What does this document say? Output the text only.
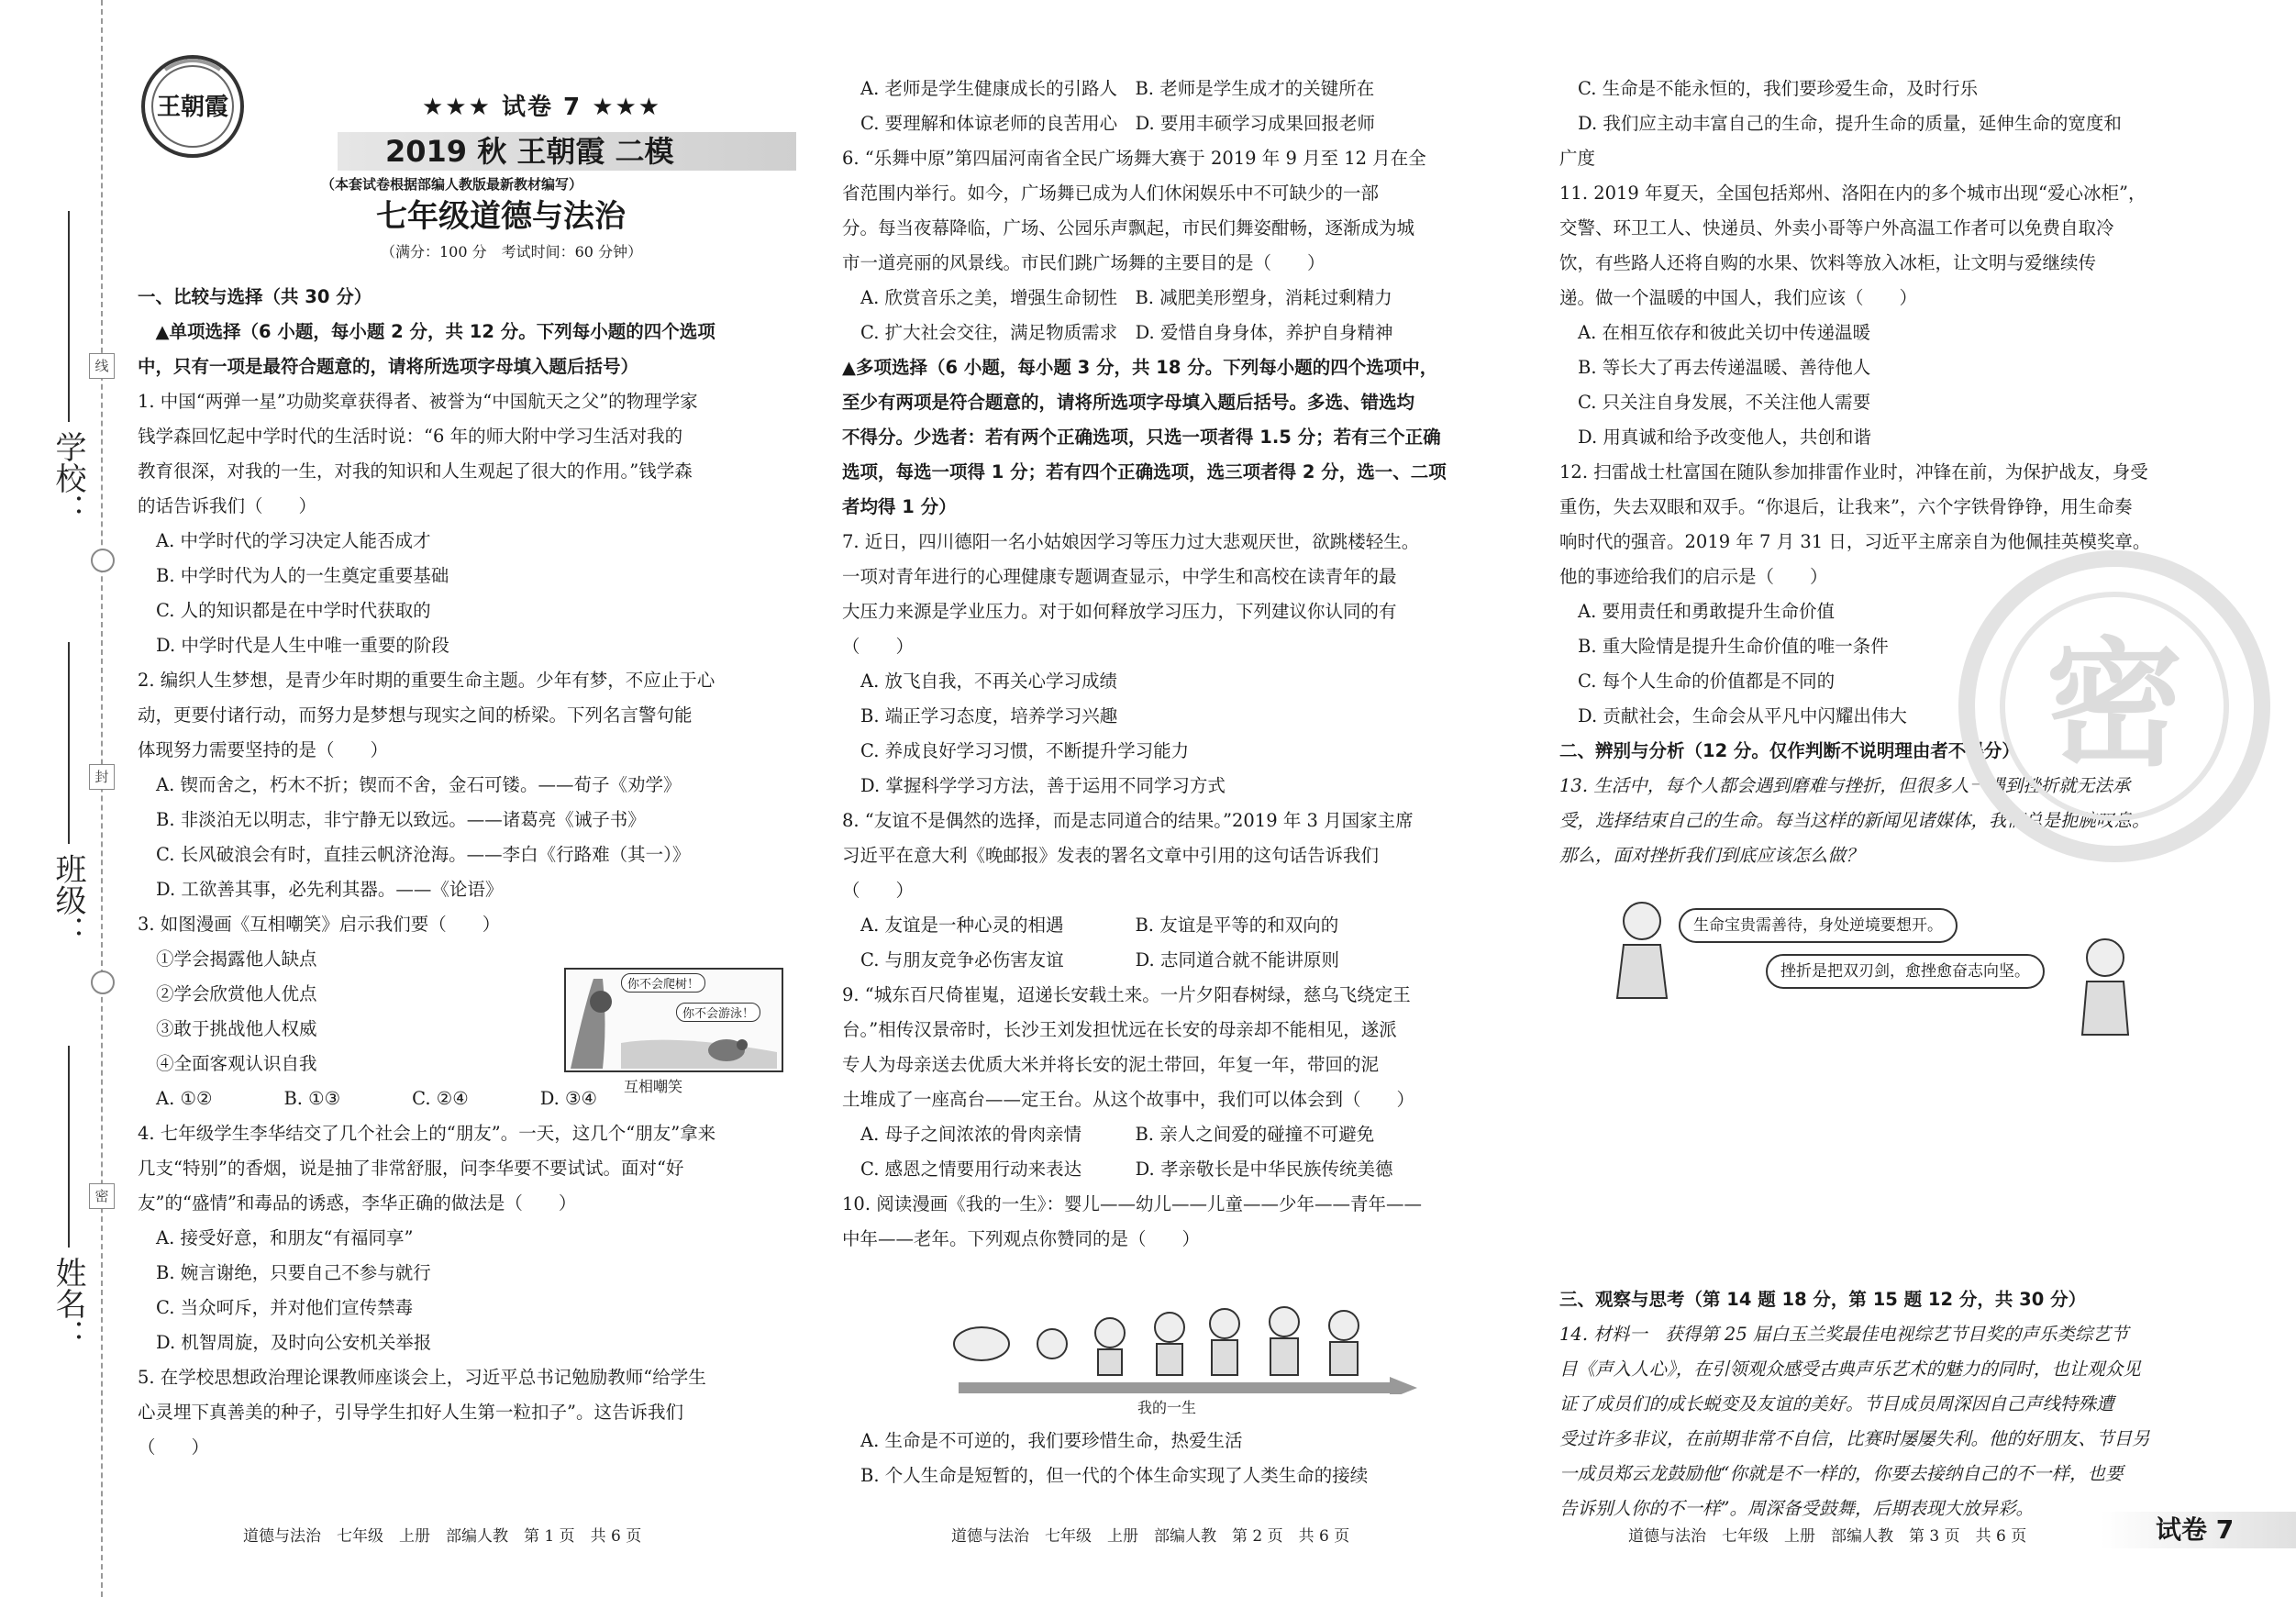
线
封
密
学校：
班级：
姓名：
王朝霞	★★★ 试卷 7 ★★★
2019 秋 王朝霞 二模
（本套试卷根据部编人教版最新教材编写）
七年级道德与法治
（满分：100 分　考试时间：60 分钟）
一、比较与选择（共 30 分）
　▲单项选择（6 小题，每小题 2 分，共 12 分。下列每小题的四个选项
中，只有一项是最符合题意的，请将所选项字母填入题后括号）
1. 中国“两弹一星”功勋奖章获得者、被誉为“中国航天之父”的物理学家
钱学森回忆起中学时代的生活时说：“6 年的师大附中学习生活对我的
教育很深，对我的一生，对我的知识和人生观起了很大的作用。”钱学森
的话告诉我们（　　）
A. 中学时代的学习决定人能否成才
B. 中学时代为人的一生奠定重要基础
C. 人的知识都是在中学时代获取的
D. 中学时代是人生中唯一重要的阶段
2. 编织人生梦想，是青少年时期的重要生命主题。少年有梦，不应止于心
动，更要付诸行动，而努力是梦想与现实之间的桥梁。下列名言警句能
体现努力需要坚持的是（　　）
A. 锲而舍之，朽木不折；锲而不舍，金石可镂。——荀子《劝学》
B. 非淡泊无以明志，非宁静无以致远。——诸葛亮《诫子书》
C. 长风破浪会有时，直挂云帆济沧海。——李白《行路难（其一）》
D. 工欲善其事，必先利其器。——《论语》
3. 如图漫画《互相嘲笑》启示我们要（　　）
①学会揭露他人缺点
②学会欣赏他人优点
③敢于挑战他人权威
④全面客观认识自我
A. ①②　　　　B. ①③　　　　C. ②④　　　　D. ③④
4. 七年级学生李华结交了几个社会上的“朋友”。一天，这几个“朋友”拿来
几支“特别”的香烟，说是抽了非常舒服，问李华要不要试试。面对“好
友”的“盛情”和毒品的诱惑，李华正确的做法是（　　）
A. 接受好意，和朋友“有福同享”
B. 婉言谢绝，只要自己不参与就行
C. 当众呵斥，并对他们宣传禁毒
D. 机智周旋，及时向公安机关举报
5. 在学校思想政治理论课教师座谈会上，习近平总书记勉励教师“给学生
心灵埋下真善美的种子，引导学生扣好人生第一粒扣子”。这告诉我们
（　　）
你不会爬树！
你不会游泳！
互相嘲笑
A. 老师是学生健康成长的引路人　B. 老师是学生成才的关键所在
C. 要理解和体谅老师的良苦用心　D. 要用丰硕学习成果回报老师
6. “乐舞中原”第四届河南省全民广场舞大赛于 2019 年 9 月至 12 月在全
省范围内举行。如今，广场舞已成为人们休闲娱乐中不可缺少的一部
分。每当夜幕降临，广场、公园乐声飘起，市民们舞姿酣畅，逐渐成为城
市一道亮丽的风景线。市民们跳广场舞的主要目的是（　　）
A. 欣赏音乐之美，增强生命韧性　B. 减肥美形塑身，消耗过剩精力
C. 扩大社会交往，满足物质需求　D. 爱惜自身身体，养护自身精神
▲多项选择（6 小题，每小题 3 分，共 18 分。下列每小题的四个选项中，
至少有两项是符合题意的，请将所选项字母填入题后括号。多选、错选均
不得分。少选者：若有两个正确选项，只选一项者得 1.5 分；若有三个正确
选项，每选一项得 1 分；若有四个正确选项，选三项者得 2 分，选一、二项
者均得 1 分）
7. 近日，四川德阳一名小姑娘因学习等压力过大悲观厌世，欲跳楼轻生。
一项对青年进行的心理健康专题调查显示，中学生和高校在读青年的最
大压力来源是学业压力。对于如何释放学习压力，下列建议你认同的有
（　　）
A. 放飞自我，不再关心学习成绩
B. 端正学习态度，培养学习兴趣
C. 养成良好学习习惯，不断提升学习能力
D. 掌握科学学习方法，善于运用不同学习方式
8. “友谊不是偶然的选择，而是志同道合的结果。”2019 年 3 月国家主席
习近平在意大利《晚邮报》发表的署名文章中引用的这句话告诉我们
（　　）
A. 友谊是一种心灵的相遇　　　　B. 友谊是平等的和双向的
C. 与朋友竞争必伤害友谊　　　　D. 志同道合就不能讲原则
9. “城东百尺倚崔嵬，迢递长安载土来。一片夕阳春树绿，慈乌飞绕定王
台。”相传汉景帝时，长沙王刘发担忧远在长安的母亲却不能相见，遂派
专人为母亲送去优质大米并将长安的泥土带回，年复一年，带回的泥
土堆成了一座高台——定王台。从这个故事中，我们可以体会到（　　）
A. 母子之间浓浓的骨肉亲情　　　B. 亲人之间爱的碰撞不可避免
C. 感恩之情要用行动来表达　　　D. 孝亲敬长是中华民族传统美德
10. 阅读漫画《我的一生》：婴儿——幼儿——儿童——少年——青年——
中年——老年。下列观点你赞同的是（　　）
我的一生
A. 生命是不可逆的，我们要珍惜生命，热爱生活
B. 个人生命是短暂的，但一代的个体生命实现了人类生命的接续
C. 生命是不能永恒的，我们要珍爱生命，及时行乐
D. 我们应主动丰富自己的生命，提升生命的质量，延伸生命的宽度和
广度
11. 2019 年夏天，全国包括郑州、洛阳在内的多个城市出现“爱心冰柜”，
交警、环卫工人、快递员、外卖小哥等户外高温工作者可以免费自取冷
饮，有些路人还将自购的水果、饮料等放入冰柜，让文明与爱继续传
递。做一个温暖的中国人，我们应该（　　）
A. 在相互依存和彼此关切中传递温暖
B. 等长大了再去传递温暖、善待他人
C. 只关注自身发展，不关注他人需要
D. 用真诚和给予改变他人，共创和谐
12. 扫雷战士杜富国在随队参加排雷作业时，冲锋在前，为保护战友，身受
重伤，失去双眼和双手。“你退后，让我来”，六个字铁骨铮铮，用生命奏
响时代的强音。2019 年 7 月 31 日，习近平主席亲自为他佩挂英模奖章。
他的事迹给我们的启示是（　　）
A. 要用责任和勇敢提升生命价值
B. 重大险情是提升生命价值的唯一条件
C. 每个人生命的价值都是不同的
D. 贡献社会，生命会从平凡中闪耀出伟大
二、辨别与分析（12 分。仅作判断不说明理由者不得分）
13. 生活中，每个人都会遇到磨难与挫折，但很多人一遇到挫折就无法承
受，选择结束自己的生命。每当这样的新闻见诸媒体，我们总是扼腕叹息。
那么，面对挫折我们到底应该怎么做？
密
生命宝贵需善待，身处逆境要想开。
挫折是把双刃剑，愈挫愈奋志向坚。
三、观察与思考（第 14 题 18 分，第 15 题 12 分，共 30 分）
14. 材料一　获得第 25 届白玉兰奖最佳电视综艺节目奖的声乐类综艺节
目《声入人心》，在引领观众感受古典声乐艺术的魅力的同时，也让观众见
证了成员们的成长蜕变及友谊的美好。节目成员周深因自己声线特殊遭
受过许多非议，在前期非常不自信，比赛时屡屡失利。他的好朋友、节目另
一成员郑云龙鼓励他“你就是不一样的，你要去接纳自己的不一样，也要
告诉别人你的不一样”。周深备受鼓舞，后期表现大放异彩。
道德与法治　七年级　上册　部编人教　第 1 页　共 6 页	道德与法治　七年级　上册　部编人教　第 2 页　共 6 页	道德与法治　七年级　上册　部编人教　第 3 页　共 6 页	试卷 7
